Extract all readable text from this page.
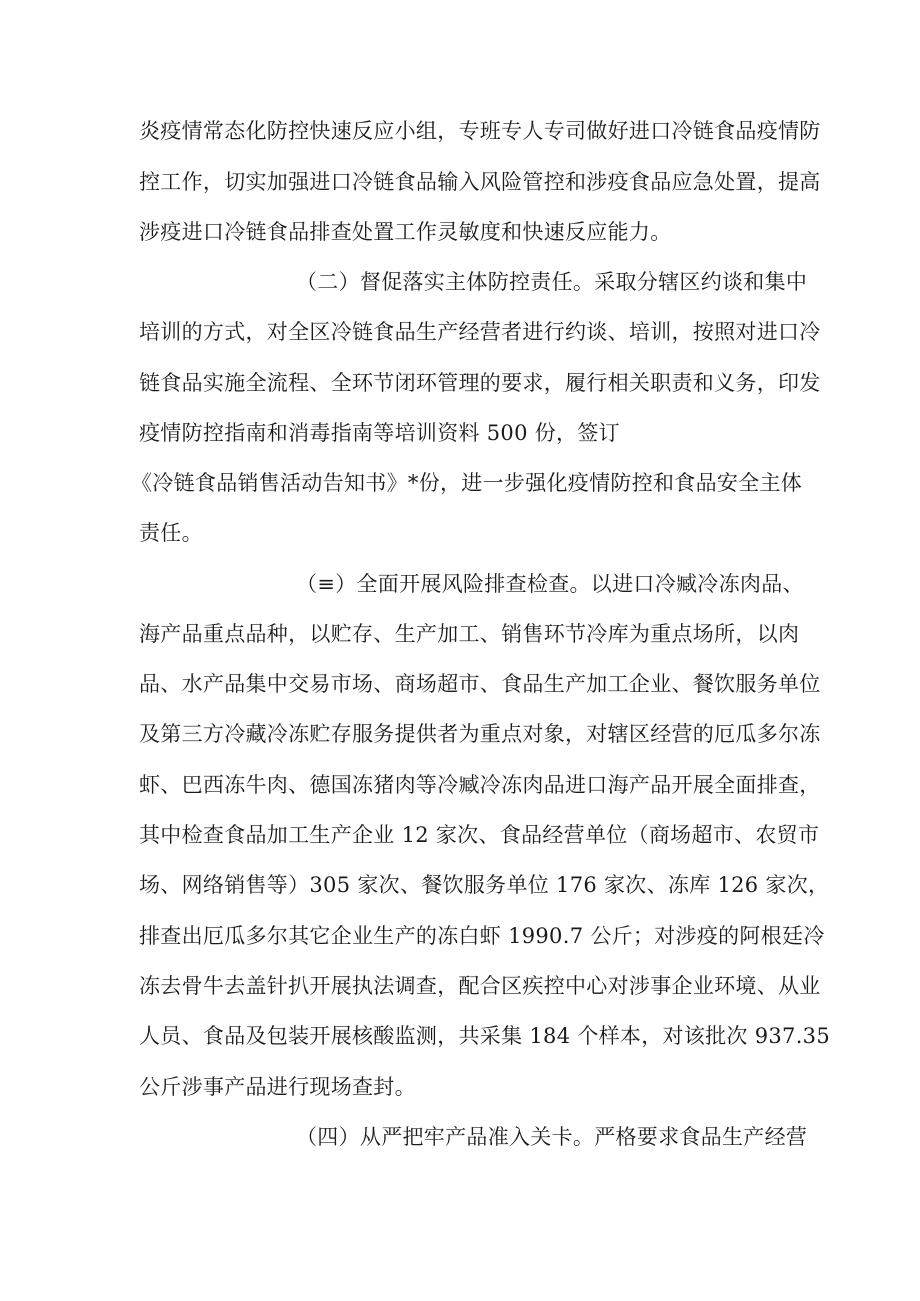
炎疫情常态化防控快速反应小组，专班专人专司做好进口冷链食品疫情防
控工作，切实加强进口冷链食品输入风险管控和涉疫食品应急处置，提高
涉疫进口冷链食品排查处置工作灵敏度和快速反应能力。
（二）督促落实主体防控责任。采取分辖区约谈和集中
培训的方式，对全区冷链食品生产经营者进行约谈、培训，按照对进口冷
链食品实施全流程、全环节闭环管理的要求，履行相关职责和义务，印发
疫情防控指南和消毒指南等培训资料 500 份，签订
《冷链食品销售活动告知书》*份，进一步强化疫情防控和食品安全主体
责任。
（≡）全面开展风险排查检查。以进口冷臧冷冻肉品、
海产品重点品种，以贮存、生产加工、销售环节冷库为重点场所，以肉
品、水产品集中交易市场、商场超市、食品生产加工企业、餐饮服务单位
及第三方冷藏冷冻贮存服务提供者为重点对象，对辖区经营的厄瓜多尔冻
虾、巴西冻牛肉、德国冻猪肉等冷臧冷冻肉品进口海产品开展全面排查，
其中检查食品加工生产企业 12 家次、食品经营单位（商场超市、农贸市
场、网络销售等）305 家次、餐饮服务单位 176 家次、冻库 126 家次，
排查出厄瓜多尔其它企业生产的冻白虾 1990.7 公斤；对涉疫的阿根廷冷
冻去骨牛去盖针扒开展执法调查，配合区疾控中心对涉事企业环境、从业
人员、食品及包装开展核酸监测，共采集 184 个样本，对该批次 937.35
公斤涉事产品进行现场查封。
（四）从严把牢产品准入关卡。严格要求食品生产经营
